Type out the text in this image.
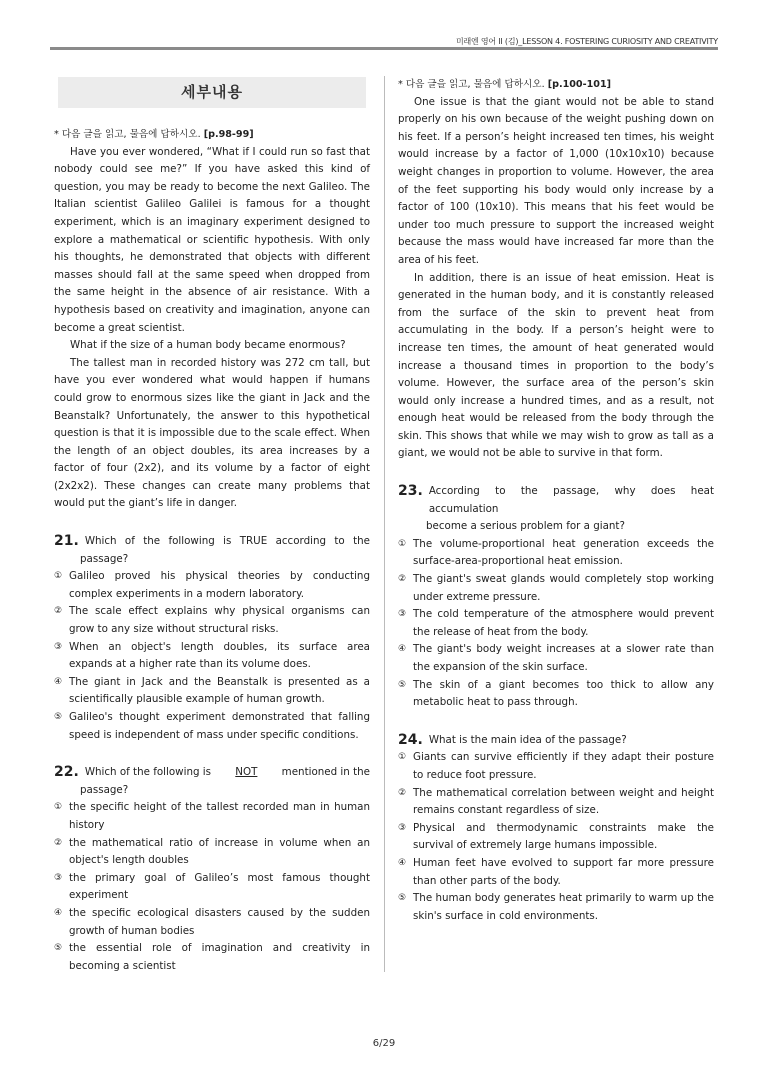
미래엔 영어 II (김)_LESSON 4. FOSTERING CURIOSITY AND CREATIVITY
세부내용
* 다음 글을 읽고, 물음에 답하시오. [p.98-99]

Have you ever wondered, “What if I could run so fast that nobody could see me?” If you have asked this kind of question, you may be ready to become the next Galileo. The Italian scientist Galileo Galilei is famous for a thought experiment, which is an imaginary experiment designed to explore a mathematical or scientific hypothesis. With only his thoughts, he demonstrated that objects with different masses should fall at the same speed when dropped from the same height in the absence of air resistance. With a hypothesis based on creativity and imagination, anyone can become a great scientist.

What if the size of a human body became enormous?

The tallest man in recorded history was 272 cm tall, but have you ever wondered what would happen if humans could grow to enormous sizes like the giant in Jack and the Beanstalk? Unfortunately, the answer to this hypothetical question is that it is impossible due to the scale effect. When the length of an object doubles, its area increases by a factor of four (2x2), and its volume by a factor of eight (2x2x2). These changes can create many problems that would put the giant’s life in danger.

21. Which of the following is TRUE according to the
passage?
① Galileo proved his physical theories by conducting complex experiments in a modern laboratory.
② The scale effect explains why physical organisms can grow to any size without structural risks.
③ When an object's length doubles, its surface area expands at a higher rate than its volume does.
④ The giant in Jack and the Beanstalk is presented as a scientifically plausible example of human growth.
⑤ Galileo's thought experiment demonstrated that falling speed is independent of mass under specific conditions.
22. Which of the following is NOT mentioned in the
passage?
① the specific height of the tallest recorded man in human history
② the mathematical ratio of increase in volume when an object's length doubles
③ the primary goal of Galileo’s most famous thought experiment
④ the specific ecological disasters caused by the sudden growth of human bodies
⑤ the essential role of imagination and creativity in becoming a scientist
* 다음 글을 읽고, 물음에 답하시오. [p.100-101]

One issue is that the giant would not be able to stand properly on his own because of the weight pushing down on his feet. If a person’s height increased ten times, his weight would increase by a factor of 1,000 (10x10x10) because weight changes in proportion to volume. However, the area of the feet supporting his body would only increase by a factor of 100 (10x10). This means that his feet would be under too much pressure to support the increased weight because the mass would have increased far more than the area of his feet.

In addition, there is an issue of heat emission. Heat is generated in the human body, and it is constantly released from the surface of the skin to prevent heat from accumulating in the body. If a person’s height were to increase ten times, the amount of heat generated would increase a thousand times in proportion to the body’s volume. However, the surface area of the person’s skin would only increase a hundred times, and as a result, not enough heat would be released from the body through the skin. This shows that while we may wish to grow as tall as a giant, we would not be able to survive in that form.

23. According to the passage, why does heat accumulation
become a serious problem for a giant?
① The volume-proportional heat generation exceeds the surface-area-proportional heat emission.
② The giant's sweat glands would completely stop working under extreme pressure.
③ The cold temperature of the atmosphere would prevent the release of heat from the body.
④ The giant's body weight increases at a slower rate than the expansion of the skin surface.
⑤ The skin of a giant becomes too thick to allow any metabolic heat to pass through.
24. What is the main idea of the passage?
① Giants can survive efficiently if they adapt their posture to reduce foot pressure.
② The mathematical correlation between weight and height remains constant regardless of size.
③ Physical and thermodynamic constraints make the survival of extremely large humans impossible.
④ Human feet have evolved to support far more pressure than other parts of the body.
⑤ The human body generates heat primarily to warm up the skin's surface in cold environments.
6/29
